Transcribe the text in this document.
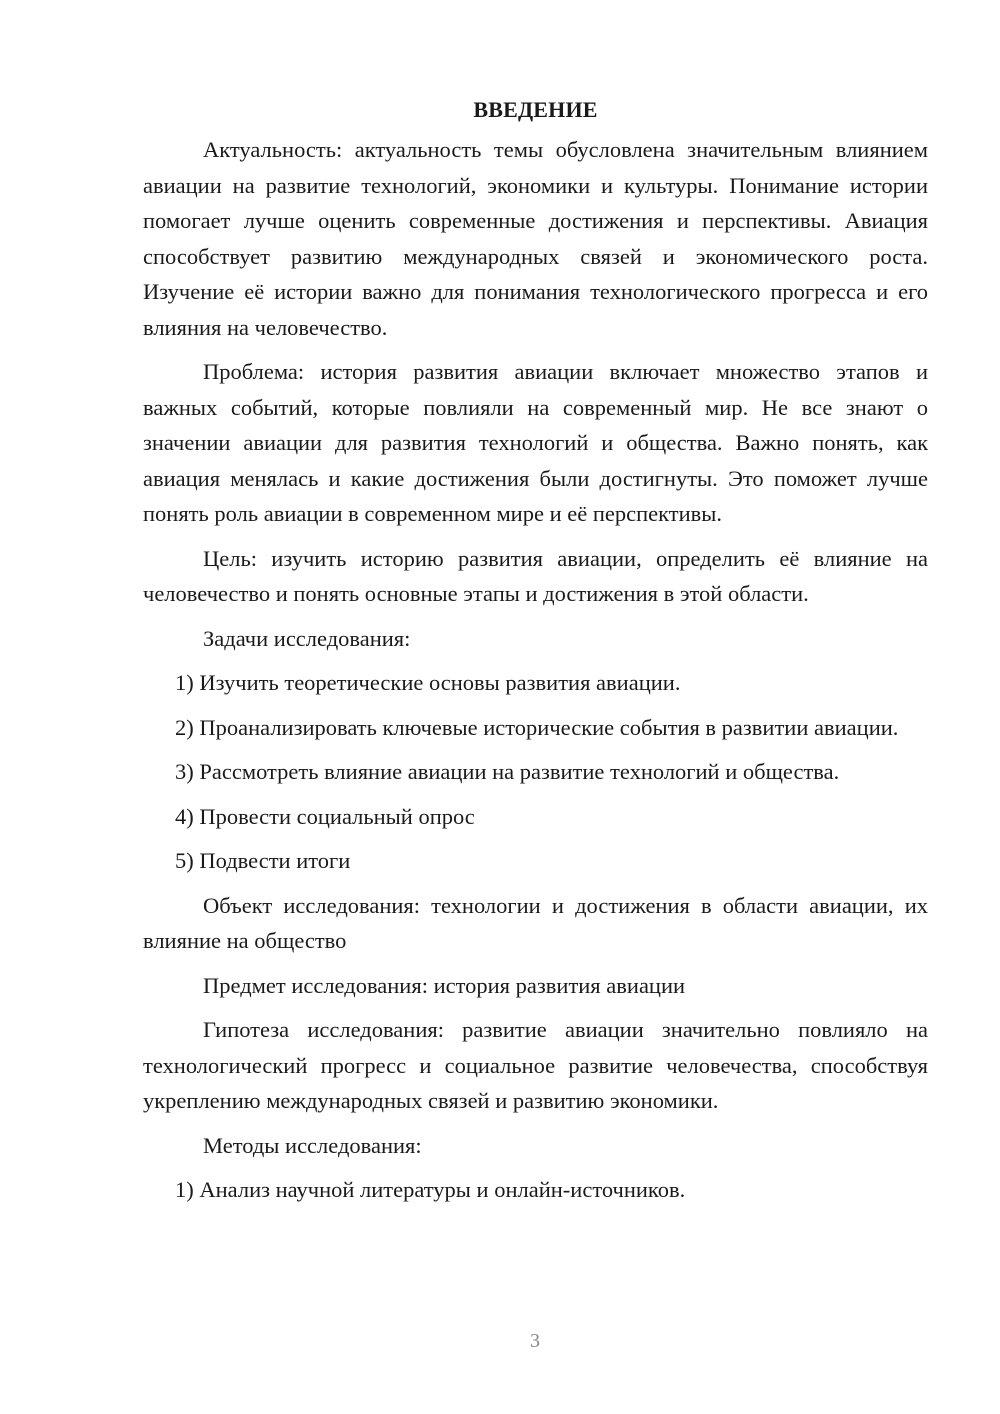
ВВЕДЕНИЕ

Актуальность: актуальность темы обусловлена значительным влиянием авиации на развитие технологий, экономики и культуры. Понимание истории помогает лучше оценить современные достижения и перспективы. Авиация способствует развитию международных связей и экономического роста. Изучение её истории важно для понимания технологического прогресса и его влияния на человечество.

Проблема: история развития авиации включает множество этапов и важных событий, которые повлияли на современный мир. Не все знают о значении авиации для развития технологий и общества. Важно понять, как авиация менялась и какие достижения были достигнуты. Это поможет лучше понять роль авиации в современном мире и её перспективы.

Цель: изучить историю развития авиации, определить её влияние на человечество и понять основные этапы и достижения в этой области.

Задачи исследования:

1) Изучить теоретические основы развития авиации.

2) Проанализировать ключевые исторические события в развитии авиации.

3) Рассмотреть влияние авиации на развитие технологий и общества.

4) Провести социальный опрос

5) Подвести итоги

Объект исследования: технологии и достижения в области авиации, их влияние на общество

Предмет исследования: история развития авиации

Гипотеза исследования: развитие авиации значительно повлияло на технологический прогресс и социальное развитие человечества, способствуя укреплению международных связей и развитию экономики.

Методы исследования:

1) Анализ научной литературы и онлайн-источников.

3
